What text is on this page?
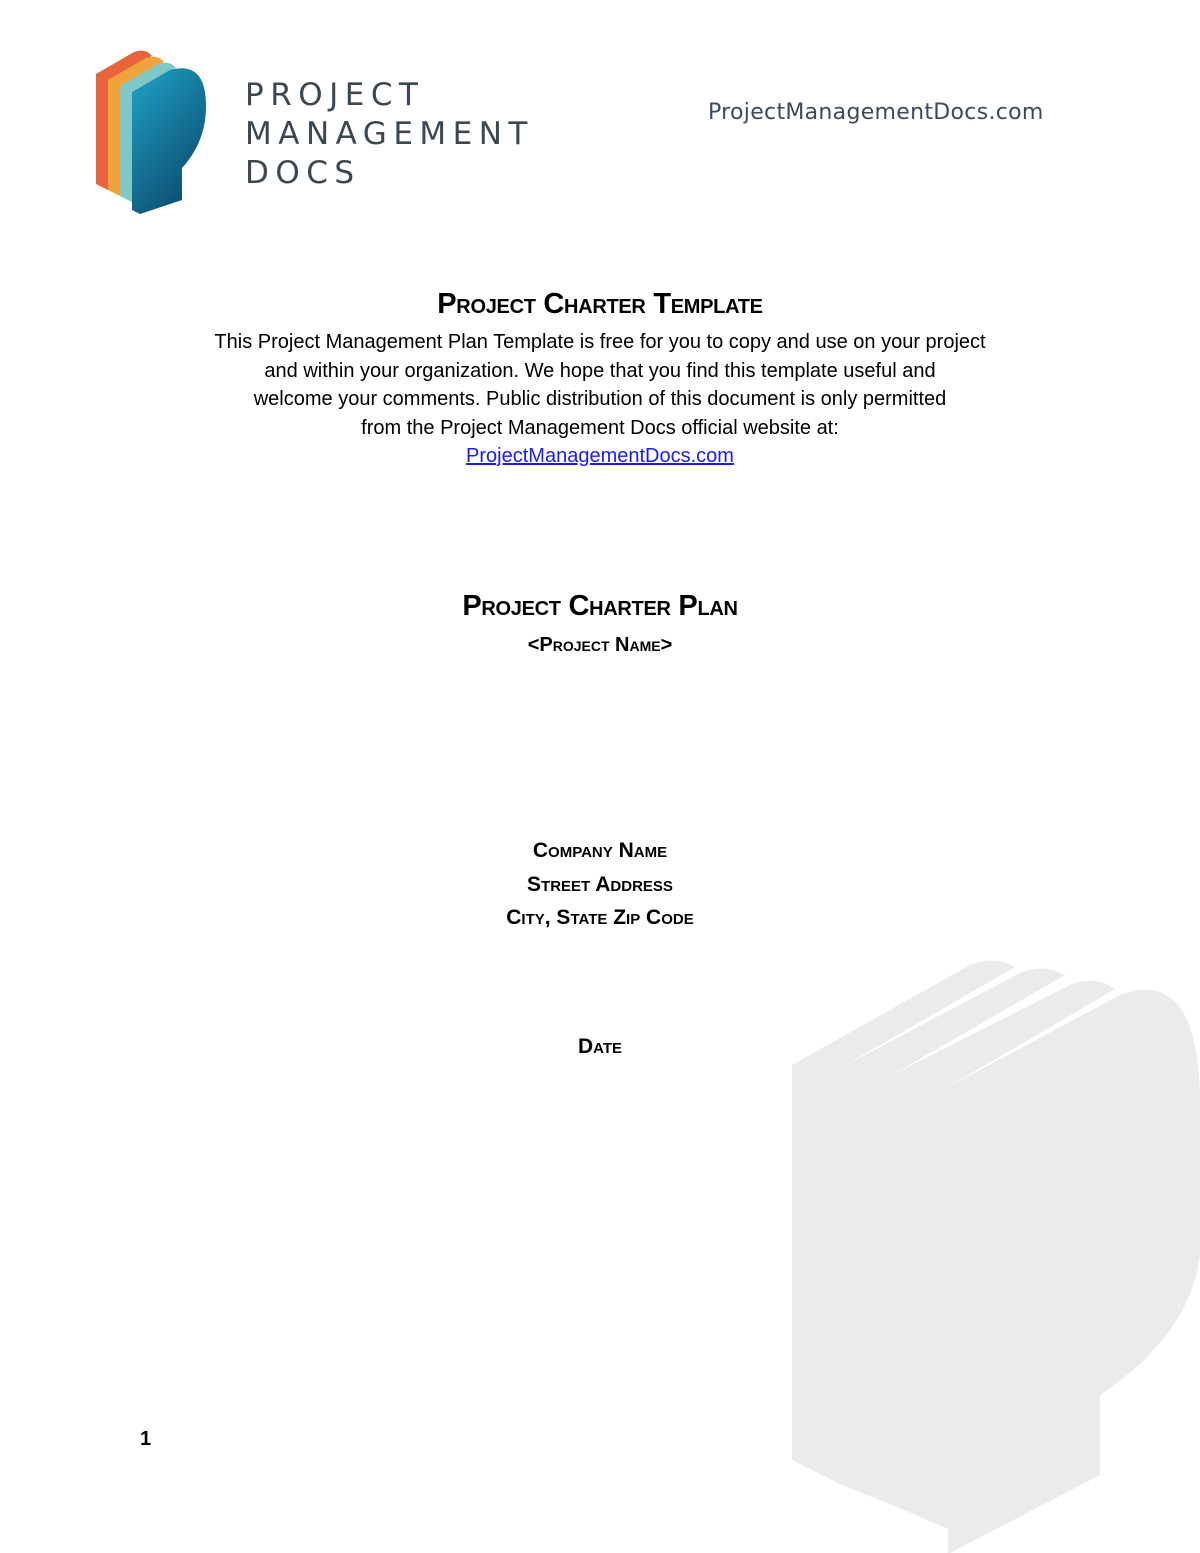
PROJECT
MANAGEMENT
DOCS
ProjectManagementDocs.com
Project Charter Template
This Project Management Plan Template is free for you to copy and use on your project
and within your organization. We hope that you find this template useful and
welcome your comments. Public distribution of this document is only permitted
from the Project Management Docs official website at:
ProjectManagementDocs.com
Project Charter Plan
<Project Name>
Company Name
Street Address
City, State Zip Code
Date
1
